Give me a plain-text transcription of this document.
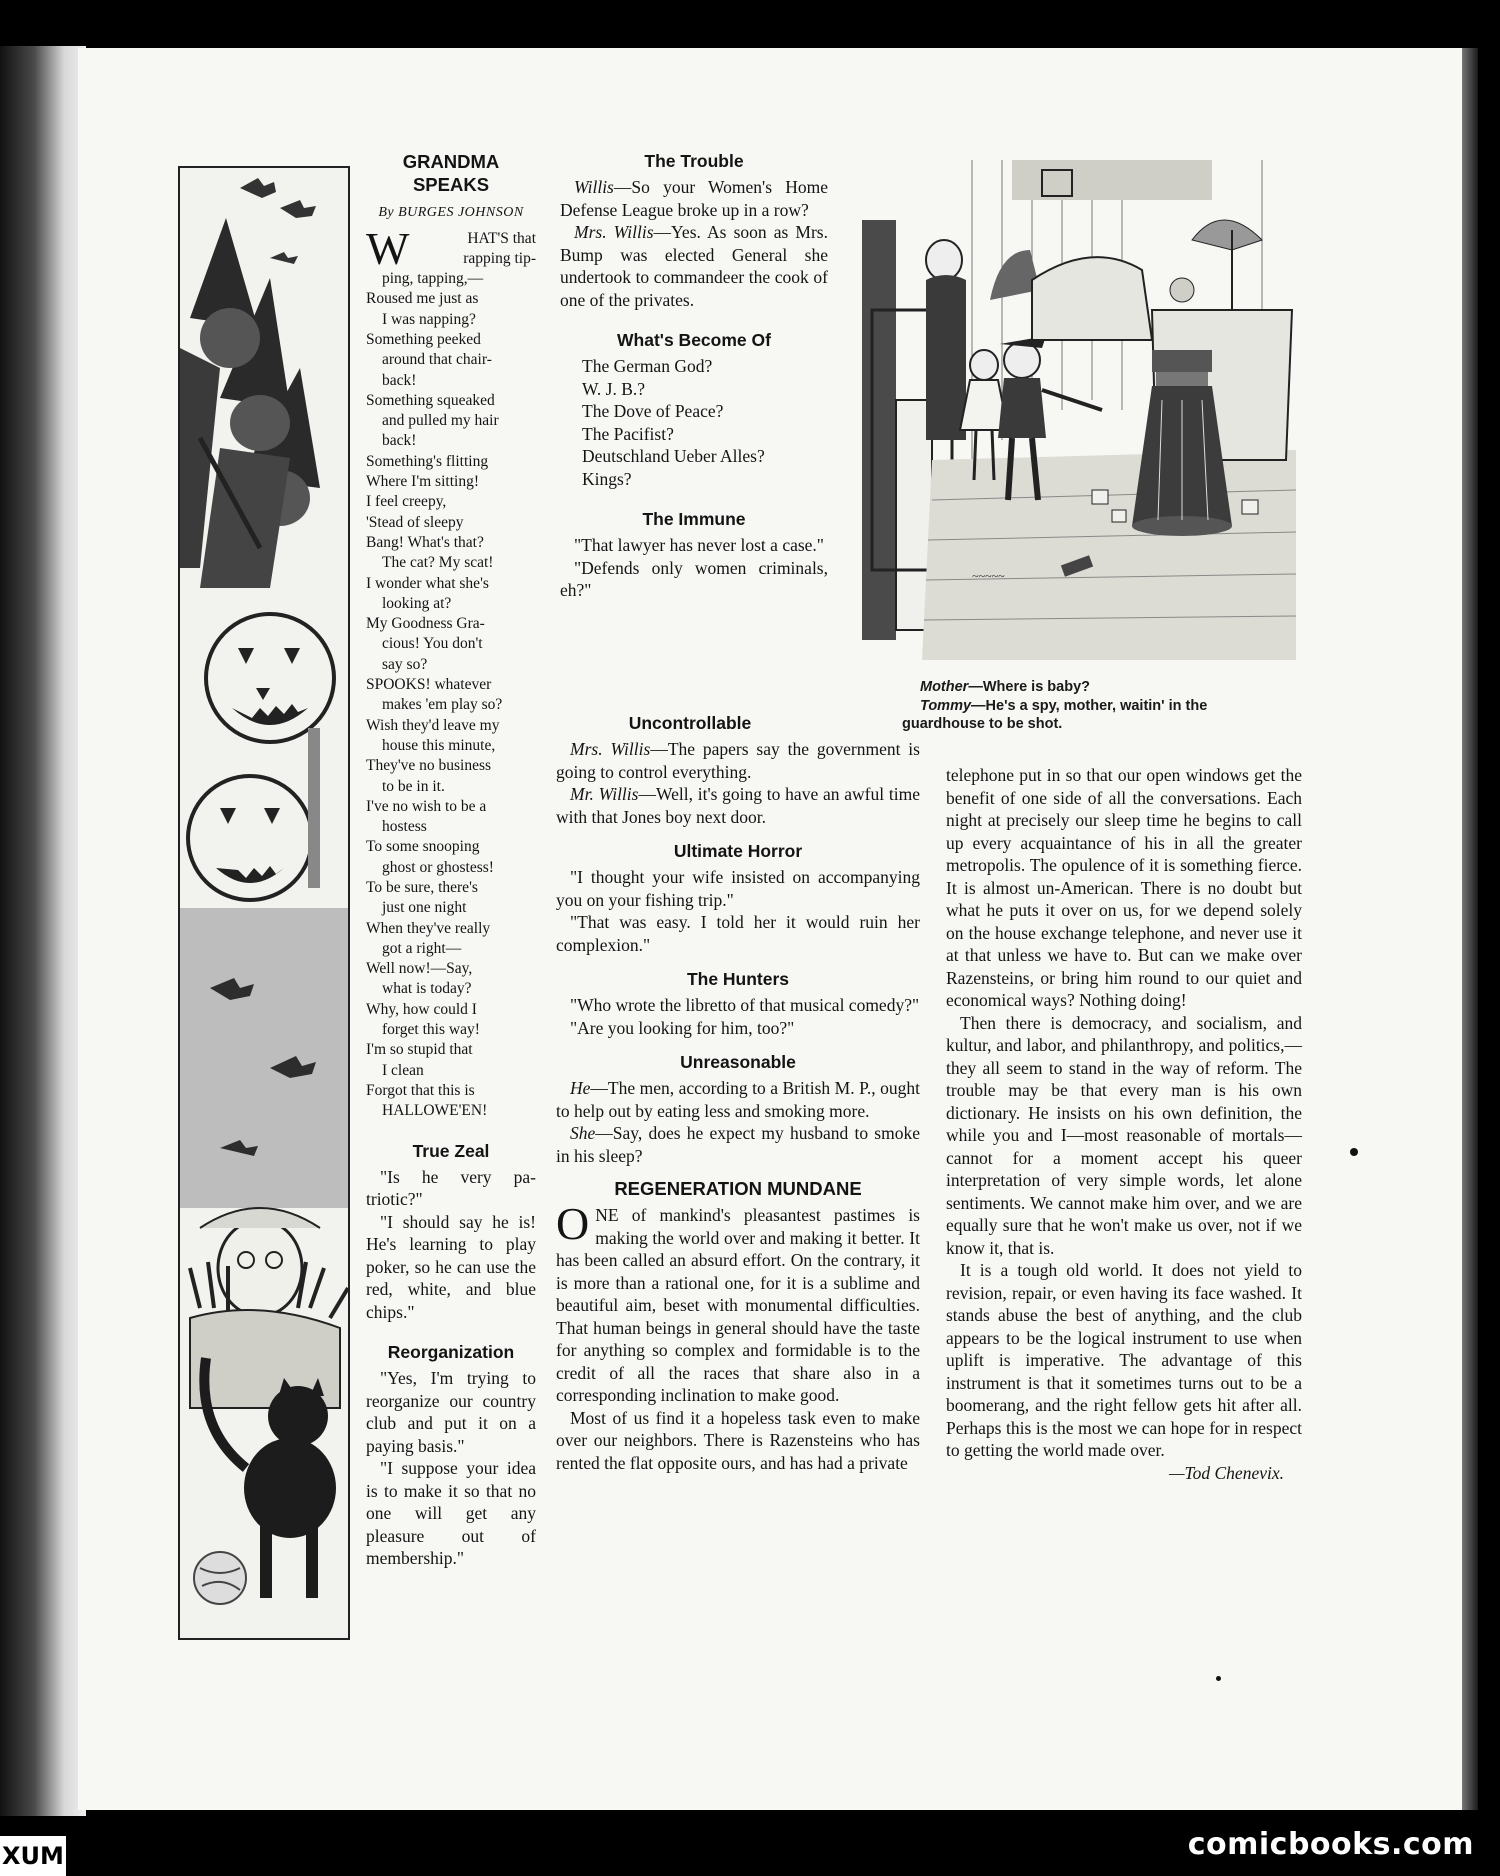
GRANDMA
SPEAKS
By BURGES JOHNSON
W	HAT'S that
rapping tip-
ping, tapping,—
Roused me just as
I was napping?
Something peeked
around that chair-
back!
Something squeaked
and pulled my hair
back!
Something's flitting
Where I'm sitting!
I feel creepy,
'Stead of sleepy
Bang! What's that?
The cat? My scat!
I wonder what she's
looking at?
My Goodness Gra-
cious! You don't
say so?
SPOOKS! whatever
makes 'em play so?
Wish they'd leave my
house this minute,
They've no business
to be in it.
I've no wish to be a
hostess
To some snooping
ghost or ghostess!
To be sure, there's
just one night
When they've really
got a right—
Well now!—Say,
what is today?
Why, how could I
forget this way!
I'm so stupid that
I clean
Forgot that this is
HALLOWE'EN!
True Zeal

"Is he very pa-triotic?"

"I should say he is! He's learning to play poker, so he can use the red, white, and blue chips."

Reorganization

"Yes, I'm trying to reorganize our country club and put it on a paying basis."

"I suppose your idea is to make it so that no one will get any pleasure out of membership."

The Trouble

Willis—So your Women's Home Defense League broke up in a row?

Mrs. Willis—Yes. As soon as Mrs. Bump was elected General she undertook to commandeer the cook of one of the privates.

What's Become Of
The German God?
W. J. B.?
The Dove of Peace?
The Pacifist?
Deutschland Ueber Alles?
Kings?
The Immune

"That lawyer has never lost a case."

"Defends only women criminals, eh?"

Uncontrollable

Mrs. Willis—The papers say the government is going to control everything.

Mr. Willis—Well, it's going to have an awful time with that Jones boy next door.

Ultimate Horror

"I thought your wife insisted on accompanying you on your fishing trip."

"That was easy. I told her it would ruin her complexion."

The Hunters

"Who wrote the libretto of that musical comedy?"

"Are you looking for him, too?"

Unreasonable

He—The men, according to a British M. P., ought to help out by eating less and smoking more.

She—Say, does he expect my husband to smoke in his sleep?

REGENERATION MUNDANE

ONE of mankind's pleasantest pastimes is making the world over and making it better. It has been called an absurd effort. On the contrary, it is more than a rational one, for it is a sublime and beautiful aim, beset with monumental difficulties. That human beings in general should have the taste for anything so complex and formidable is to the credit of all the races that share also in a corresponding inclination to make good.

Most of us find it a hopeless task even to make over our neighbors. There is Razensteins who has rented the flat opposite ours, and has had a private

telephone put in so that our open windows get the benefit of one side of all the conversations. Each night at precisely our sleep time he begins to call up every acquaintance of his in all the greater metropolis. The opulence of it is something fierce. It is almost un-American. There is no doubt but what he puts it over on us, for we depend solely on the house exchange telephone, and never use it at that unless we have to. But can we make over Razensteins, or bring him round to our quiet and economical ways? Nothing doing!

Then there is democracy, and socialism, and kultur, and labor, and philanthropy, and politics,—they all seem to stand in the way of reform. The trouble may be that every man is his own dictionary. He insists on his own definition, the while you and I—most reasonable of mortals—cannot for a moment accept his queer interpretation of very simple words, let alone sentiments. We cannot make him over, and we are equally sure that he won't make us over, not if we know it, that is.

It is a tough old world. It does not yield to revision, repair, or even having its face washed. It stands abuse the best of anything, and the club appears to be the logical instrument to use when uplift is imperative. The advantage of this instrument is that it sometimes turns out to be a boomerang, and the right fellow gets hit after all. Perhaps this is the most we can hope for in respect to getting the world made over.

—Tod Chenevix.
~~~~~
Mother—Where is baby?
Tommy—He's a spy, mother, waitin' in the
guardhouse to be shot.
comicbooks.com
XUM
